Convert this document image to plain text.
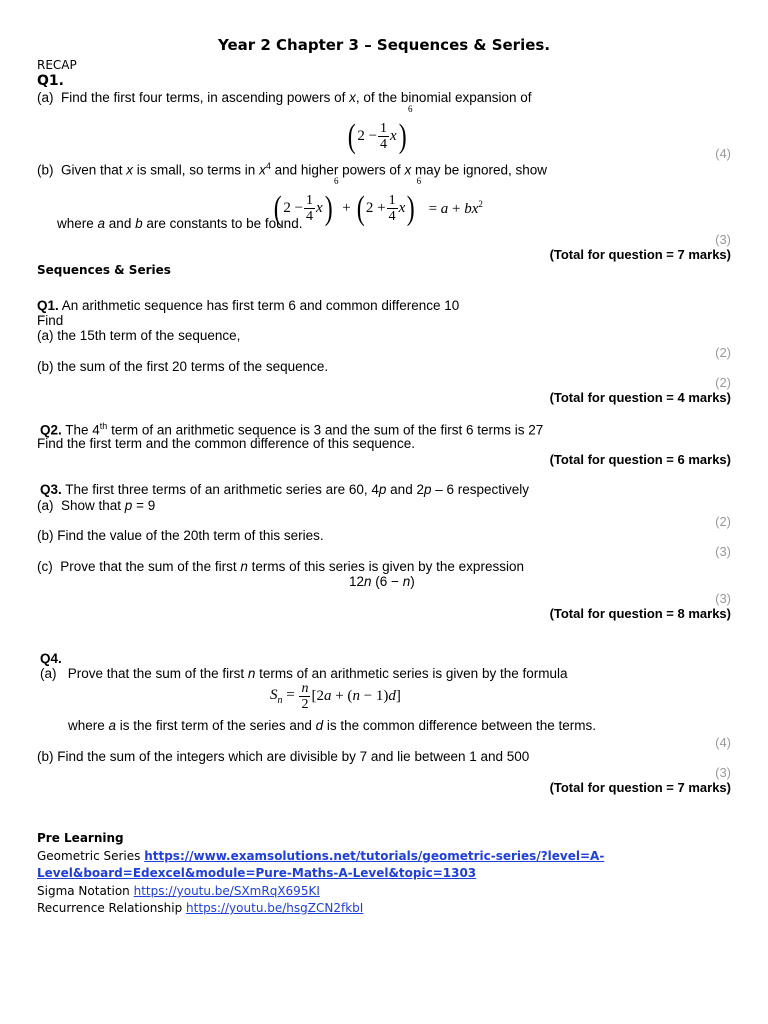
Year 2 Chapter 3 – Sequences & Series.
RECAP
Q1.
(a)  Find the first four terms, in ascending powers of x, of the binomial expansion of
( $2 - \frac{1}{4} x)^6$
(4)
(b)  Given that x is small, so terms in $x^4$ and higher powers of x may be ignored, show
( $2 - \frac{1}{4} x)^6$ + ( $2 + \frac{1}{4} x)^6 = a + bx^2$
where a and b are constants to be found.
(3)
(Total for question = 7 marks)
Sequences & Series
Q1. An arithmetic sequence has first term 6 and common difference 10
Find
(a) the 15th term of the sequence,
(2)
(b) the sum of the first 20 terms of the sequence.
(2)
(Total for question = 4 marks)
Q2. The 4th term of an arithmetic sequence is 3 and the sum of the first 6 terms is 27
Find the first term and the common difference of this sequence.
(Total for question = 6 marks)
Q3. The first three terms of an arithmetic series are 60, 4p and 2p – 6 respectively
(a)  Show that p = 9
(2)
(b) Find the value of the 20th term of this series.
(3)
(c)  Prove that the sum of the first n terms of this series is given by the expression
12n (6 − n)
(3)
(Total for question = 8 marks)
Q4.
(a)   Prove that the sum of the first n terms of an arithmetic series is given by the formula
$S_n = \frac{n}{2} [2a + (n - 1)d]$
where a is the first term of the series and d is the common difference between the terms.
(4)
(b) Find the sum of the integers which are divisible by 7 and lie between 1 and 500
(3)
(Total for question = 7 marks)
Pre Learning
Geometric Series https://www.examsolutions.net/tutorials/geometric-series/?level=A-
Level&board=Edexcel&module=Pure-Maths-A-Level&topic=1303
Sigma Notation https://youtu.be/SXmRqX695KI
Recurrence Relationship https://youtu.be/hsgZCN2fkbI
